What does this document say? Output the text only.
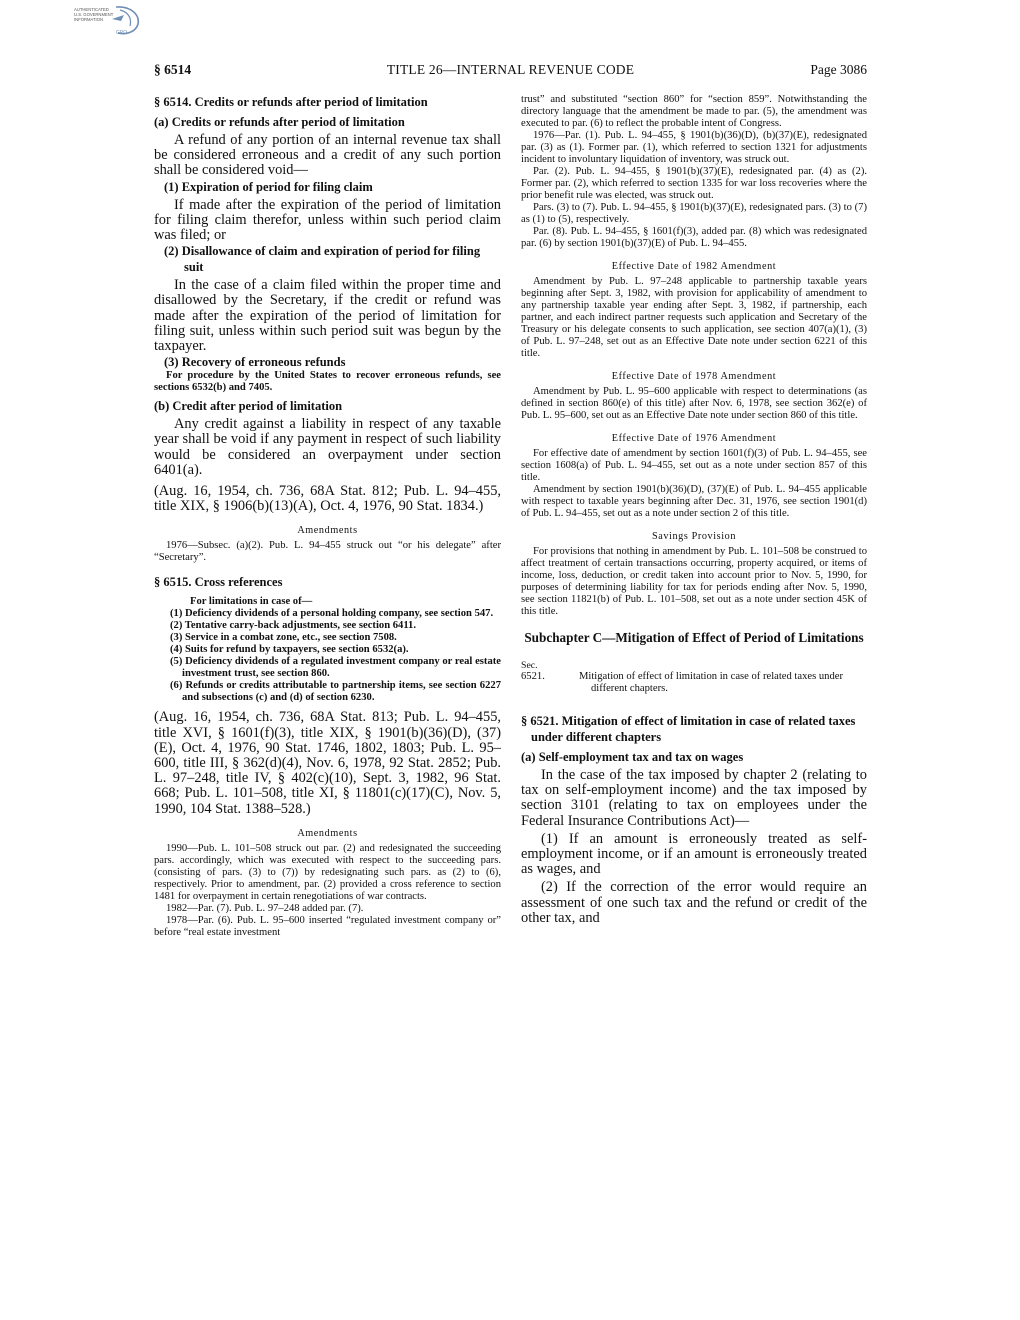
AUTHENTICATED
U.S. GOVERNMENT
INFORMATION
GPO
§ 6514	TITLE 26—INTERNAL REVENUE CODE	Page 3086
§ 6514. Credits or refunds after period of limitation
(a) Credits or refunds after period of limitation

A refund of any portion of an internal revenue tax shall be considered erroneous and a credit of any such portion shall be considered void—

(1) Expiration of period for filing claim

If made after the expiration of the period of limitation for filing claim therefor, unless within such period claim was filed; or

(2) Disallowance of claim and expiration of period for filing suit

In the case of a claim filed within the proper time and disallowed by the Secretary, if the credit or refund was made after the expiration of the period of limitation for filing suit, unless within such period suit was begun by the taxpayer.

(3) Recovery of erroneous refunds

For procedure by the United States to recover erroneous refunds, see sections 6532(b) and 7405.

(b) Credit after period of limitation

Any credit against a liability in respect of any taxable year shall be void if any payment in respect of such liability would be considered an overpayment under section 6401(a).

(Aug. 16, 1954, ch. 736, 68A Stat. 812; Pub. L. 94–455, title XIX, § 1906(b)(13)(A), Oct. 4, 1976, 90 Stat. 1834.)

Amendments

1976—Subsec. (a)(2). Pub. L. 94–455 struck out “or his delegate” after “Secretary”.

§ 6515. Cross references

For limitations in case of—

(1) Deficiency dividends of a personal holding company, see section 547.

(2) Tentative carry-back adjustments, see section 6411.

(3) Service in a combat zone, etc., see section 7508.

(4) Suits for refund by taxpayers, see section 6532(a).

(5) Deficiency dividends of a regulated investment company or real estate investment trust, see section 860.

(6) Refunds or credits attributable to partnership items, see section 6227 and subsections (c) and (d) of section 6230.

(Aug. 16, 1954, ch. 736, 68A Stat. 813; Pub. L. 94–455, title XVI, § 1601(f)(3), title XIX, § 1901(b)(36)(D), (37)(E), Oct. 4, 1976, 90 Stat. 1746, 1802, 1803; Pub. L. 95–600, title III, § 362(d)(4), Nov. 6, 1978, 92 Stat. 2852; Pub. L. 97–248, title IV, § 402(c)(10), Sept. 3, 1982, 96 Stat. 668; Pub. L. 101–508, title XI, § 11801(c)(17)(C), Nov. 5, 1990, 104 Stat. 1388–528.)

Amendments

1990—Pub. L. 101–508 struck out par. (2) and redesignated the succeeding pars. accordingly, which was executed with respect to the succeeding pars. (consisting of pars. (3) to (7)) by redesignating such pars. as (2) to (6), respectively. Prior to amendment, par. (2) provided a cross reference to section 1481 for overpayment in certain renegotiations of war contracts.

1982—Par. (7). Pub. L. 97–248 added par. (7).

1978—Par. (6). Pub. L. 95–600 inserted “regulated investment company or” before “real estate investment

trust” and substituted “section 860” for “section 859”. Notwithstanding the directory language that the amendment be made to par. (5), the amendment was executed to par. (6) to reflect the probable intent of Congress.

1976—Par. (1). Pub. L. 94–455, § 1901(b)(36)(D), (b)(37)(E), redesignated par. (3) as (1). Former par. (1), which referred to section 1321 for adjustments incident to involuntary liquidation of inventory, was struck out.

Par. (2). Pub. L. 94–455, § 1901(b)(37)(E), redesignated par. (4) as (2). Former par. (2), which referred to section 1335 for war loss recoveries where the prior benefit rule was elected, was struck out.

Pars. (3) to (7). Pub. L. 94–455, § 1901(b)(37)(E), redesignated pars. (3) to (7) as (1) to (5), respectively.

Par. (8). Pub. L. 94–455, § 1601(f)(3), added par. (8) which was redesignated par. (6) by section 1901(b)(37)(E) of Pub. L. 94–455.

Effective Date of 1982 Amendment

Amendment by Pub. L. 97–248 applicable to partnership taxable years beginning after Sept. 3, 1982, with provision for applicability of amendment to any partnership taxable year ending after Sept. 3, 1982, if partnership, each partner, and each indirect partner requests such application and Secretary of the Treasury or his delegate consents to such application, see section 407(a)(1), (3) of Pub. L. 97–248, set out as an Effective Date note under section 6221 of this title.

Effective Date of 1978 Amendment

Amendment by Pub. L. 95–600 applicable with respect to determinations (as defined in section 860(e) of this title) after Nov. 6, 1978, see section 362(e) of Pub. L. 95–600, set out as an Effective Date note under section 860 of this title.

Effective Date of 1976 Amendment

For effective date of amendment by section 1601(f)(3) of Pub. L. 94–455, see section 1608(a) of Pub. L. 94–455, set out as a note under section 857 of this title.

Amendment by section 1901(b)(36)(D), (37)(E) of Pub. L. 94–455 applicable with respect to taxable years beginning after Dec. 31, 1976, see section 1901(d) of Pub. L. 94–455, set out as a note under section 2 of this title.

Savings Provision

For provisions that nothing in amendment by Pub. L. 101–508 be construed to affect treatment of certain transactions occurring, property acquired, or items of income, loss, deduction, or credit taken into account prior to Nov. 5, 1990, for purposes of determining liability for tax for periods ending after Nov. 5, 1990, see section 11821(b) of Pub. L. 101–508, set out as a note under section 45K of this title.

Subchapter C—Mitigation of Effect of Period of Limitations
Sec.
6521.	Mitigation of effect of limitation in case of related taxes under different chapters.
§ 6521. Mitigation of effect of limitation in case of related taxes under different chapters
(a) Self-employment tax and tax on wages

In the case of the tax imposed by chapter 2 (relating to tax on self-employment income) and the tax imposed by section 3101 (relating to tax on employees under the Federal Insurance Contributions Act)—

(1) If an amount is erroneously treated as self-employment income, or if an amount is erroneously treated as wages, and

(2) If the correction of the error would require an assessment of one such tax and the refund or credit of the other tax, and
